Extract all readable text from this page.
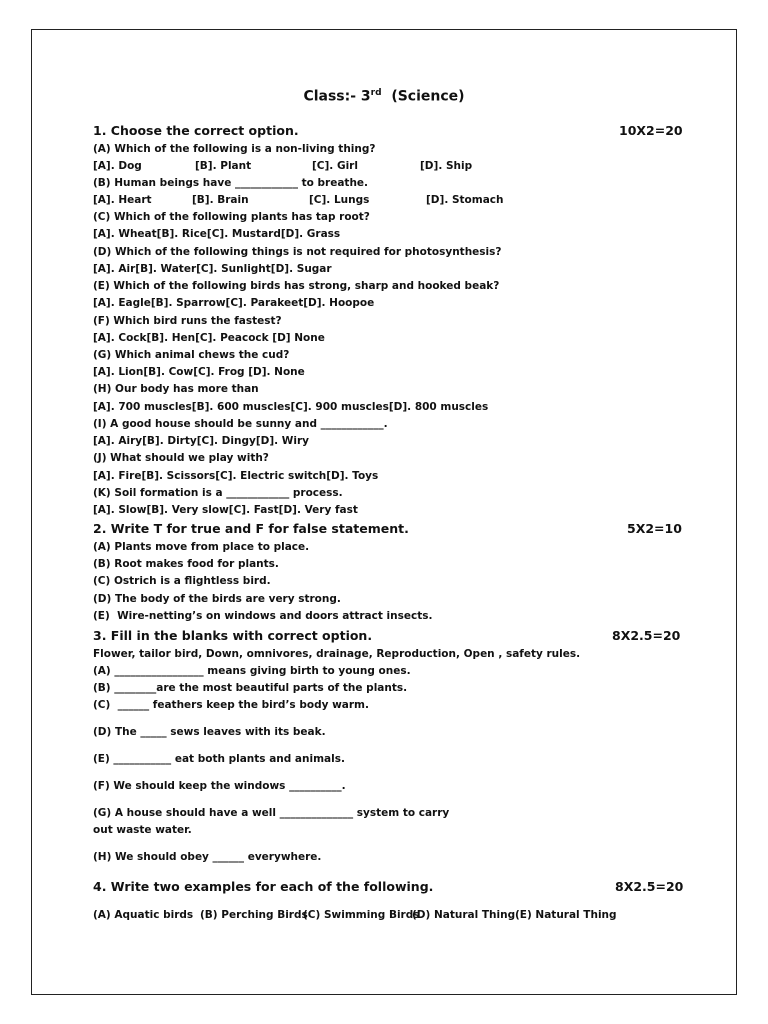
Class:- 3rd (Science)
1. Choose the correct option.	10X2=20
(A) Which of the following is a non-living thing?
[A]. Dog	[B]. Plant	[C]. Girl	[D]. Ship
(B) Human beings have ____________ to breathe.
[A]. Heart	[B]. Brain	[C]. Lungs	[D]. Stomach
(C) Which of the following plants has tap root?
[A]. Wheat[B]. Rice[C]. Mustard[D]. Grass
(D) Which of the following things is not required for photosynthesis?
[A]. Air[B]. Water[C]. Sunlight[D]. Sugar
(E) Which of the following birds has strong, sharp and hooked beak?
[A]. Eagle[B]. Sparrow[C]. Parakeet[D]. Hoopoe
(F) Which bird runs the fastest?
[A]. Cock[B]. Hen[C]. Peacock [D] None
(G) Which animal chews the cud?
[A]. Lion[B]. Cow[C]. Frog [D]. None
(H) Our body has more than
[A]. 700 muscles[B]. 600 muscles[C]. 900 muscles[D]. 800 muscles
(I) A good house should be sunny and ____________.
[A]. Airy[B]. Dirty[C]. Dingy[D]. Wiry
(J) What should we play with?
[A]. Fire[B]. Scissors[C]. Electric switch[D]. Toys
(K) Soil formation is a ____________ process.
[A]. Slow[B]. Very slow[C]. Fast[D]. Very fast
2. Write T for true and F for false statement.	5X2=10
(A) Plants move from place to place.
(B) Root makes food for plants.
(C) Ostrich is a flightless bird.
(D) The body of the birds are very strong.
(E)  Wire-netting’s on windows and doors attract insects.
3. Fill in the blanks with correct option.	8X2.5=20
Flower, tailor bird, Down, omnivores, drainage, Reproduction, Open , safety rules.
(A) _________________ means giving birth to young ones.
(B) ________are the most beautiful parts of the plants.
(C)  ______ feathers keep the bird’s body warm.
(D) The _____ sews leaves with its beak.
(E) ___________ eat both plants and animals.
(F) We should keep the windows __________.
(G) A house should have a well ______________ system to carry
out waste water.
(H) We should obey ______ everywhere.
4. Write two examples for each of the following.	8X2.5=20
(A) Aquatic birds (B) Perching Birds
(C) Swimming Birds
(D) Natural Thing (E) Natural Thing
